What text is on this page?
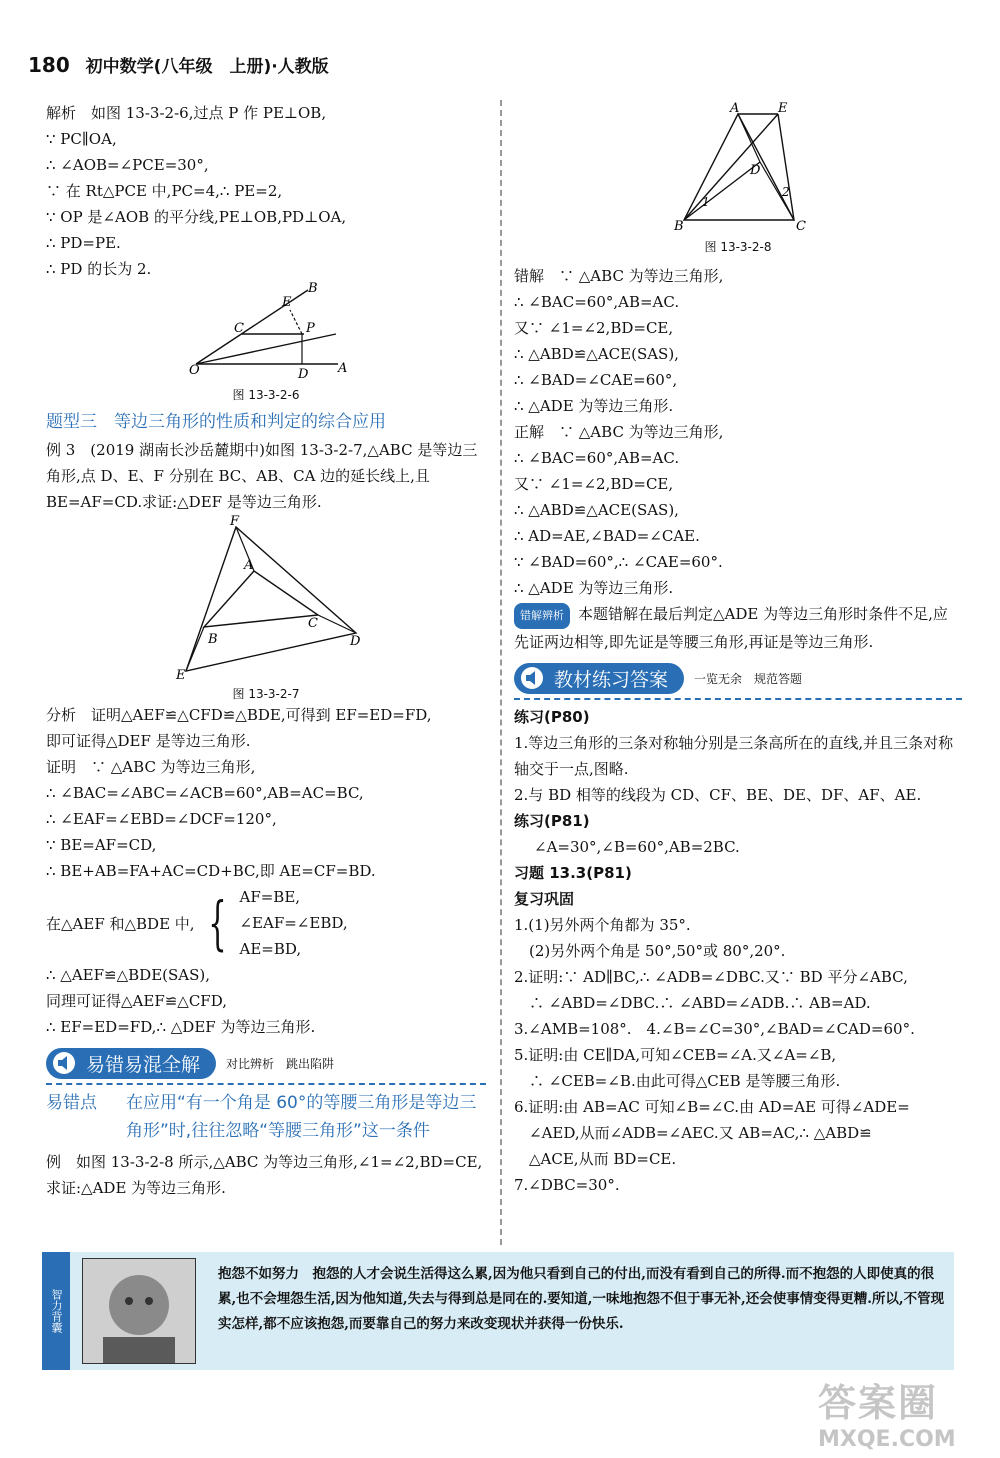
180 初中数学(八年级　上册)·人教版
解析　如图 13-3-2-6,过点 P 作 PE⊥OB,
∵ PC∥OA,
∴ ∠AOB=∠PCE=30°,
∵ 在 Rt△PCE 中,PC=4,∴ PE=2,
∵ OP 是∠AOB 的平分线,PE⊥OB,PD⊥OA,
∴ PD=PE.
∴ PD 的长为 2.
O	A
B
C
D
E
P
图 13-3-2-6
题型三　等边三角形的性质和判定的综合应用
例 3　(2019 湖南长沙岳麓期中)如图 13-3-2-7,△ABC 是等边三角形,点 D、E、F 分别在 BC、AB、CA 边的延长线上,且 BE=AF=CD.求证:△DEF 是等边三角形.
F
A
B
C
D
E
图 13-3-2-7
分析　证明△AEF≌△CFD≌△BDE,可得到 EF=ED=FD,
即可证得△DEF 是等边三角形.
证明　∵ △ABC 为等边三角形,
∴ ∠BAC=∠ABC=∠ACB=60°,AB=AC=BC,
∴ ∠EAF=∠EBD=∠DCF=120°,
∵ BE=AF=CD,
∴ BE+AB=FA+AC=CD+BC,即 AE=CF=BD.
在△AEF 和△BDE 中, { AF=BE,
∠EAF=∠EBD,
AE=BD,
∴ △AEF≌△BDE(SAS),
同理可证得△AEF≌△CFD,
∴ EF=ED=FD,∴ △DEF 为等边三角形.
易错易混全解	对比辨析　跳出陷阱
易错点	在应用“有一个角是 60°的等腰三角形是等边三角形”时,往往忽略“等腰三角形”这一条件
例　如图 13-3-2-8 所示,△ABC 为等边三角形,∠1=∠2,BD=CE,求证:△ADE 为等边三角形.
A	E
D
B	C
1
2
图 13-3-2-8
错解　∵ △ABC 为等边三角形,
∴ ∠BAC=60°,AB=AC.
又∵ ∠1=∠2,BD=CE,
∴ △ABD≌△ACE(SAS),
∴ ∠BAD=∠CAE=60°,
∴ △ADE 为等边三角形.
正解　∵ △ABC 为等边三角形,
∴ ∠BAC=60°,AB=AC.
又∵ ∠1=∠2,BD=CE,
∴ △ABD≌△ACE(SAS),
∴ AD=AE,∠BAD=∠CAE.
∵ ∠BAD=60°,∴ ∠CAE=60°.
∴ △ADE 为等边三角形.
错解辨析 本题错解在最后判定△ADE 为等边三角形时条件不足,应先证两边相等,即先证是等腰三角形,再证是等边三角形.
教材练习答案	一览无余　规范答题
练习(P80)
1.等边三角形的三条对称轴分别是三条高所在的直线,并且三条对称轴交于一点,图略.
2.与 BD 相等的线段为 CD、CF、BE、DE、DF、AF、AE.
练习(P81)
∠A=30°,∠B=60°,AB=2BC.
习题 13.3(P81)
复习巩固
1.(1)另外两个角都为 35°.
　(2)另外两个角是 50°,50°或 80°,20°.
2.证明:∵ AD∥BC,∴ ∠ADB=∠DBC.又∵ BD 平分∠ABC,
　∴ ∠ABD=∠DBC.∴ ∠ABD=∠ADB.∴ AB=AD.
3.∠AMB=108°.　4.∠B=∠C=30°,∠BAD=∠CAD=60°.
5.证明:由 CE∥DA,可知∠CEB=∠A.又∠A=∠B,
　∴ ∠CEB=∠B.由此可得△CEB 是等腰三角形.
6.证明:由 AB=AC 可知∠B=∠C.由 AD=AE 可得∠ADE=
　∠AED,从而∠ADB=∠AEC.又 AB=AC,∴ △ABD≌
　△ACE,从而 BD=CE.
7.∠DBC=30°.
智力背囊
抱怨不如努力　 抱怨的人才会说生活得这么累,因为他只看到自己的付出,而没有看到自己的所得.而不抱怨的人即使真的很累,也不会埋怨生活,因为他知道,失去与得到总是同在的.要知道,一味地抱怨不但于事无补,还会使事情变得更糟.所以,不管现实怎样,都不应该抱怨,而要靠自己的努力来改变现状并获得一份快乐.
答案圈
MXQE.COM
